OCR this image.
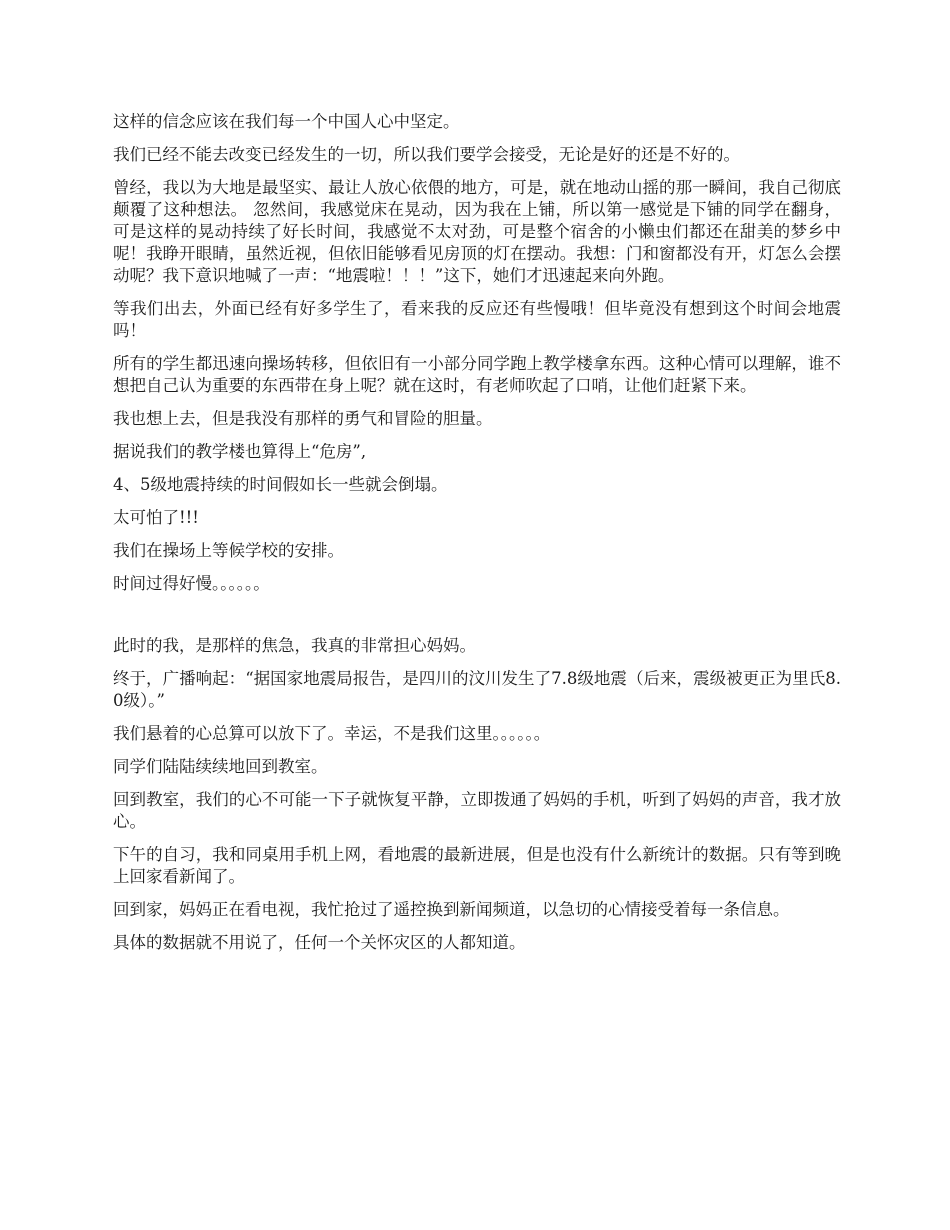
这样的信念应该在我们每一个中国人心中坚定。

我们已经不能去改变已经发生的一切，所以我们要学会接受，无论是好的还是不好的。

曾经，我以为大地是最坚实、最让人放心依偎的地方，可是，就在地动山摇的那一瞬间，我自己彻底颠覆了这种想法。 忽然间，我感觉床在晃动，因为我在上铺，所以第一感觉是下铺的同学在翻身，可是这样的晃动持续了好长时间，我感觉不太对劲，可是整个宿舍的小懒虫们都还在甜美的梦乡中呢！我睁开眼睛，虽然近视，但依旧能够看见房顶的灯在摆动。我想：门和窗都没有开，灯怎么会摆动呢？我下意识地喊了一声：“地震啦！！！”这下，她们才迅速起来向外跑。

等我们出去，外面已经有好多学生了，看来我的反应还有些慢哦！但毕竟没有想到这个时间会地震吗！

所有的学生都迅速向操场转移，但依旧有一小部分同学跑上教学楼拿东西。这种心情可以理解，谁不想把自己认为重要的东西带在身上呢？就在这时，有老师吹起了口哨，让他们赶紧下来。

我也想上去，但是我没有那样的勇气和冒险的胆量。

据说我们的教学楼也算得上“危房”,

4、5级地震持续的时间假如长一些就会倒塌。

太可怕了!!!

我们在操场上等候学校的安排。

时间过得好慢。。。。。。

此时的我，是那样的焦急，我真的非常担心妈妈。

终于，广播响起：“据国家地震局报告，是四川的汶川发生了7.8级地震（后来，震级被更正为里氏8.0级）。”

我们悬着的心总算可以放下了。幸运，不是我们这里。。。。。。

同学们陆陆续续地回到教室。

回到教室，我们的心不可能一下子就恢复平静，立即拨通了妈妈的手机，听到了妈妈的声音，我才放心。

下午的自习，我和同桌用手机上网，看地震的最新进展，但是也没有什么新统计的数据。只有等到晚上回家看新闻了。

回到家，妈妈正在看电视，我忙抢过了遥控换到新闻频道，以急切的心情接受着每一条信息。

具体的数据就不用说了，任何一个关怀灾区的人都知道。
